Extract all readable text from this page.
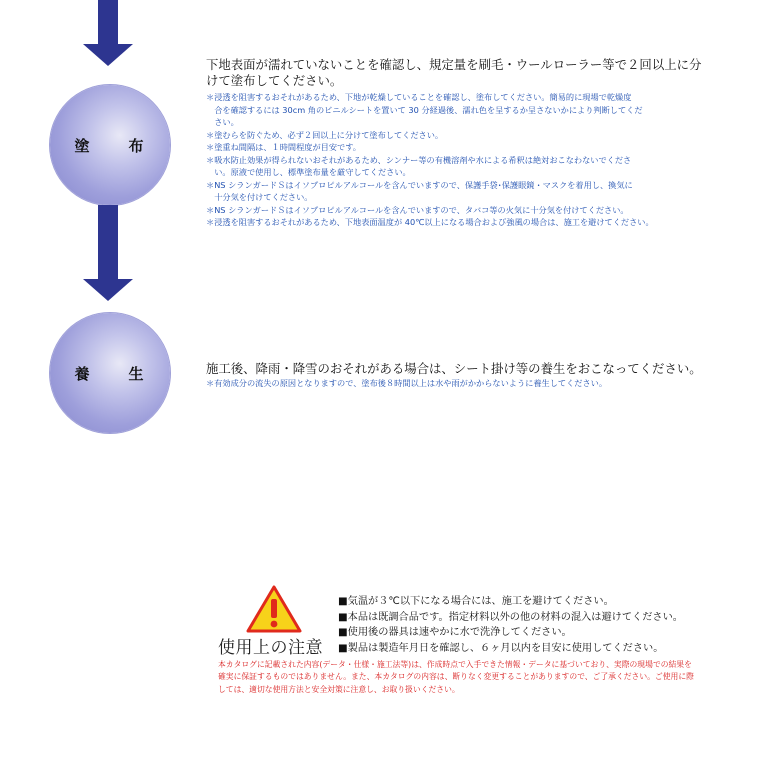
塗　布
養　生
下地表面が濡れていないことを確認し、規定量を刷毛・ウールローラー等で２回以上に分けて塗布してください。
＊浸透を阻害するおそれがあるため、下地が乾燥していることを確認し、塗布してください。簡易的に現場で乾燥度
　合を確認するには 30cm 角のビニルシートを置いて 30 分経過後、濡れ色を呈するか呈さないかにより判断してくだ
　さい。
＊塗むらを防ぐため、必ず２回以上に分けて塗布してください。
＊塗重ね間隔は、１時間程度が目安です。
＊吸水防止効果が得られないおそれがあるため、シンナー等の有機溶剤や水による希釈は絶対おこなわないでくださ
　い。原液で使用し、標準塗布量を厳守してください。
＊NS シランガードＳはイソプロピルアルコールを含んでいますので、保護手袋･保護眼鏡・マスクを着用し、換気に
　十分気を付けてください。
＊NS シランガードＳはイソプロピルアルコールを含んでいますので、タバコ等の火気に十分気を付けてください。
＊浸透を阻害するおそれがあるため、下地表面温度が 40℃以上になる場合および強風の場合は、施工を避けてください。
施工後、降雨・降雪のおそれがある場合は、シート掛け等の養生をおこなってください。
＊有効成分の流失の原因となりますので、塗布後８時間以上は水や雨がかからないように養生してください。
使用上の注意
■気温が３℃以下になる場合には、施工を避けてください。
■本品は既調合品です。指定材料以外の他の材料の混入は避けてください。
■使用後の器具は速やかに水で洗浄してください。
■製品は製造年月日を確認し、６ヶ月以内を目安に使用してください。
本カタログに記載された内容(データ・仕様・施工法等)は、作成時点で入手できた情報・データに基づいており、実際の現場での結果を確実に保証するものではありません。また、本カタログの内容は、断りなく変更することがありますので、ご了承ください。ご使用に際しては、適切な使用方法と安全対策に注意し、お取り扱いください。
